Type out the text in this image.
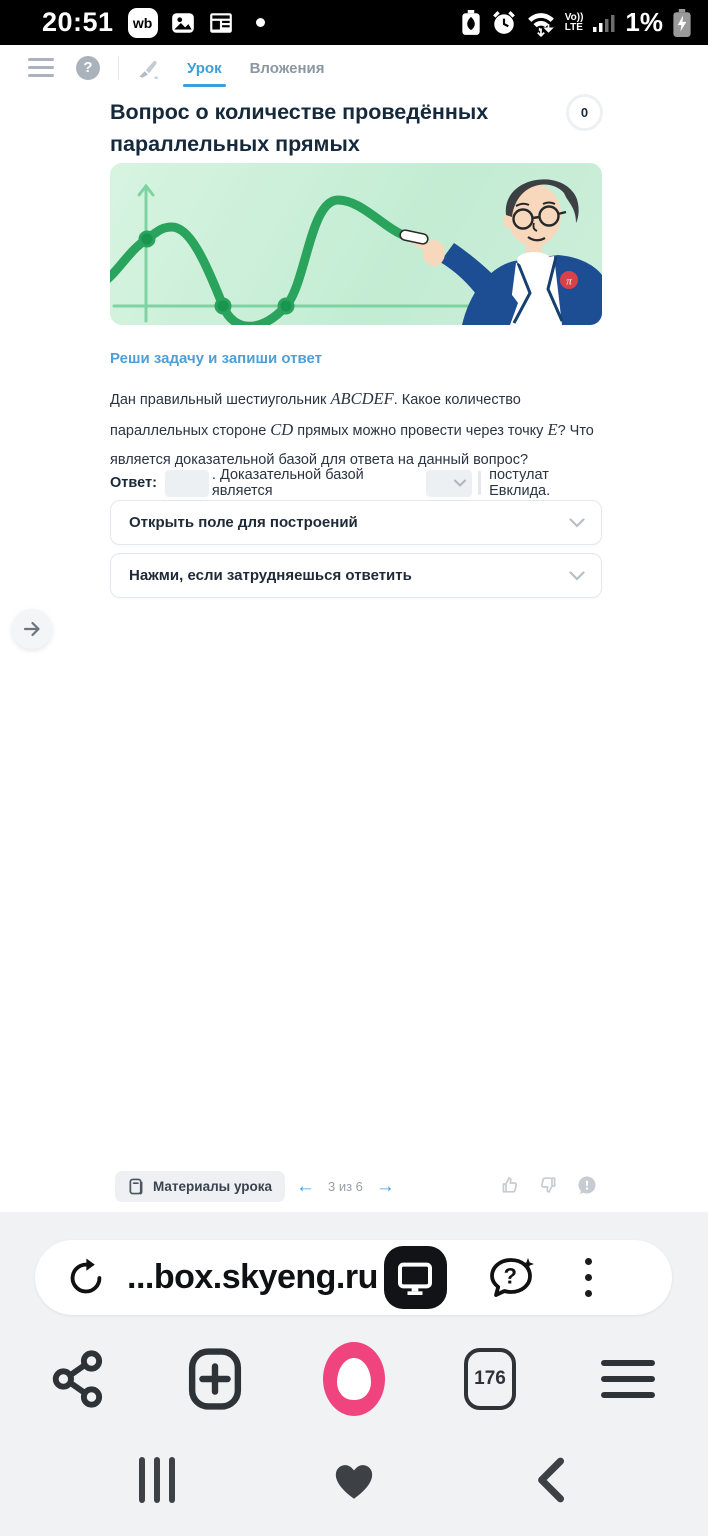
20:51	wb	Vo))
LTE 1%
?	Урок Вложения
Вопрос о количестве проведённых параллельных прямых
0
π
Реши задачу и запиши ответ

Дан правильный шестиугольник ABCDEF. Какое количество параллельных стороне CD прямых можно провести через точку E? Что является доказательной базой для ответа на данный вопрос?

Ответ:	. Доказательной базой является
постулат Евклида.
Открыть поле для построений
Нажми, если затрудняешься ответить
Материалы урока ← 3 из 6 →
...box.skyeng.ru	?
176
